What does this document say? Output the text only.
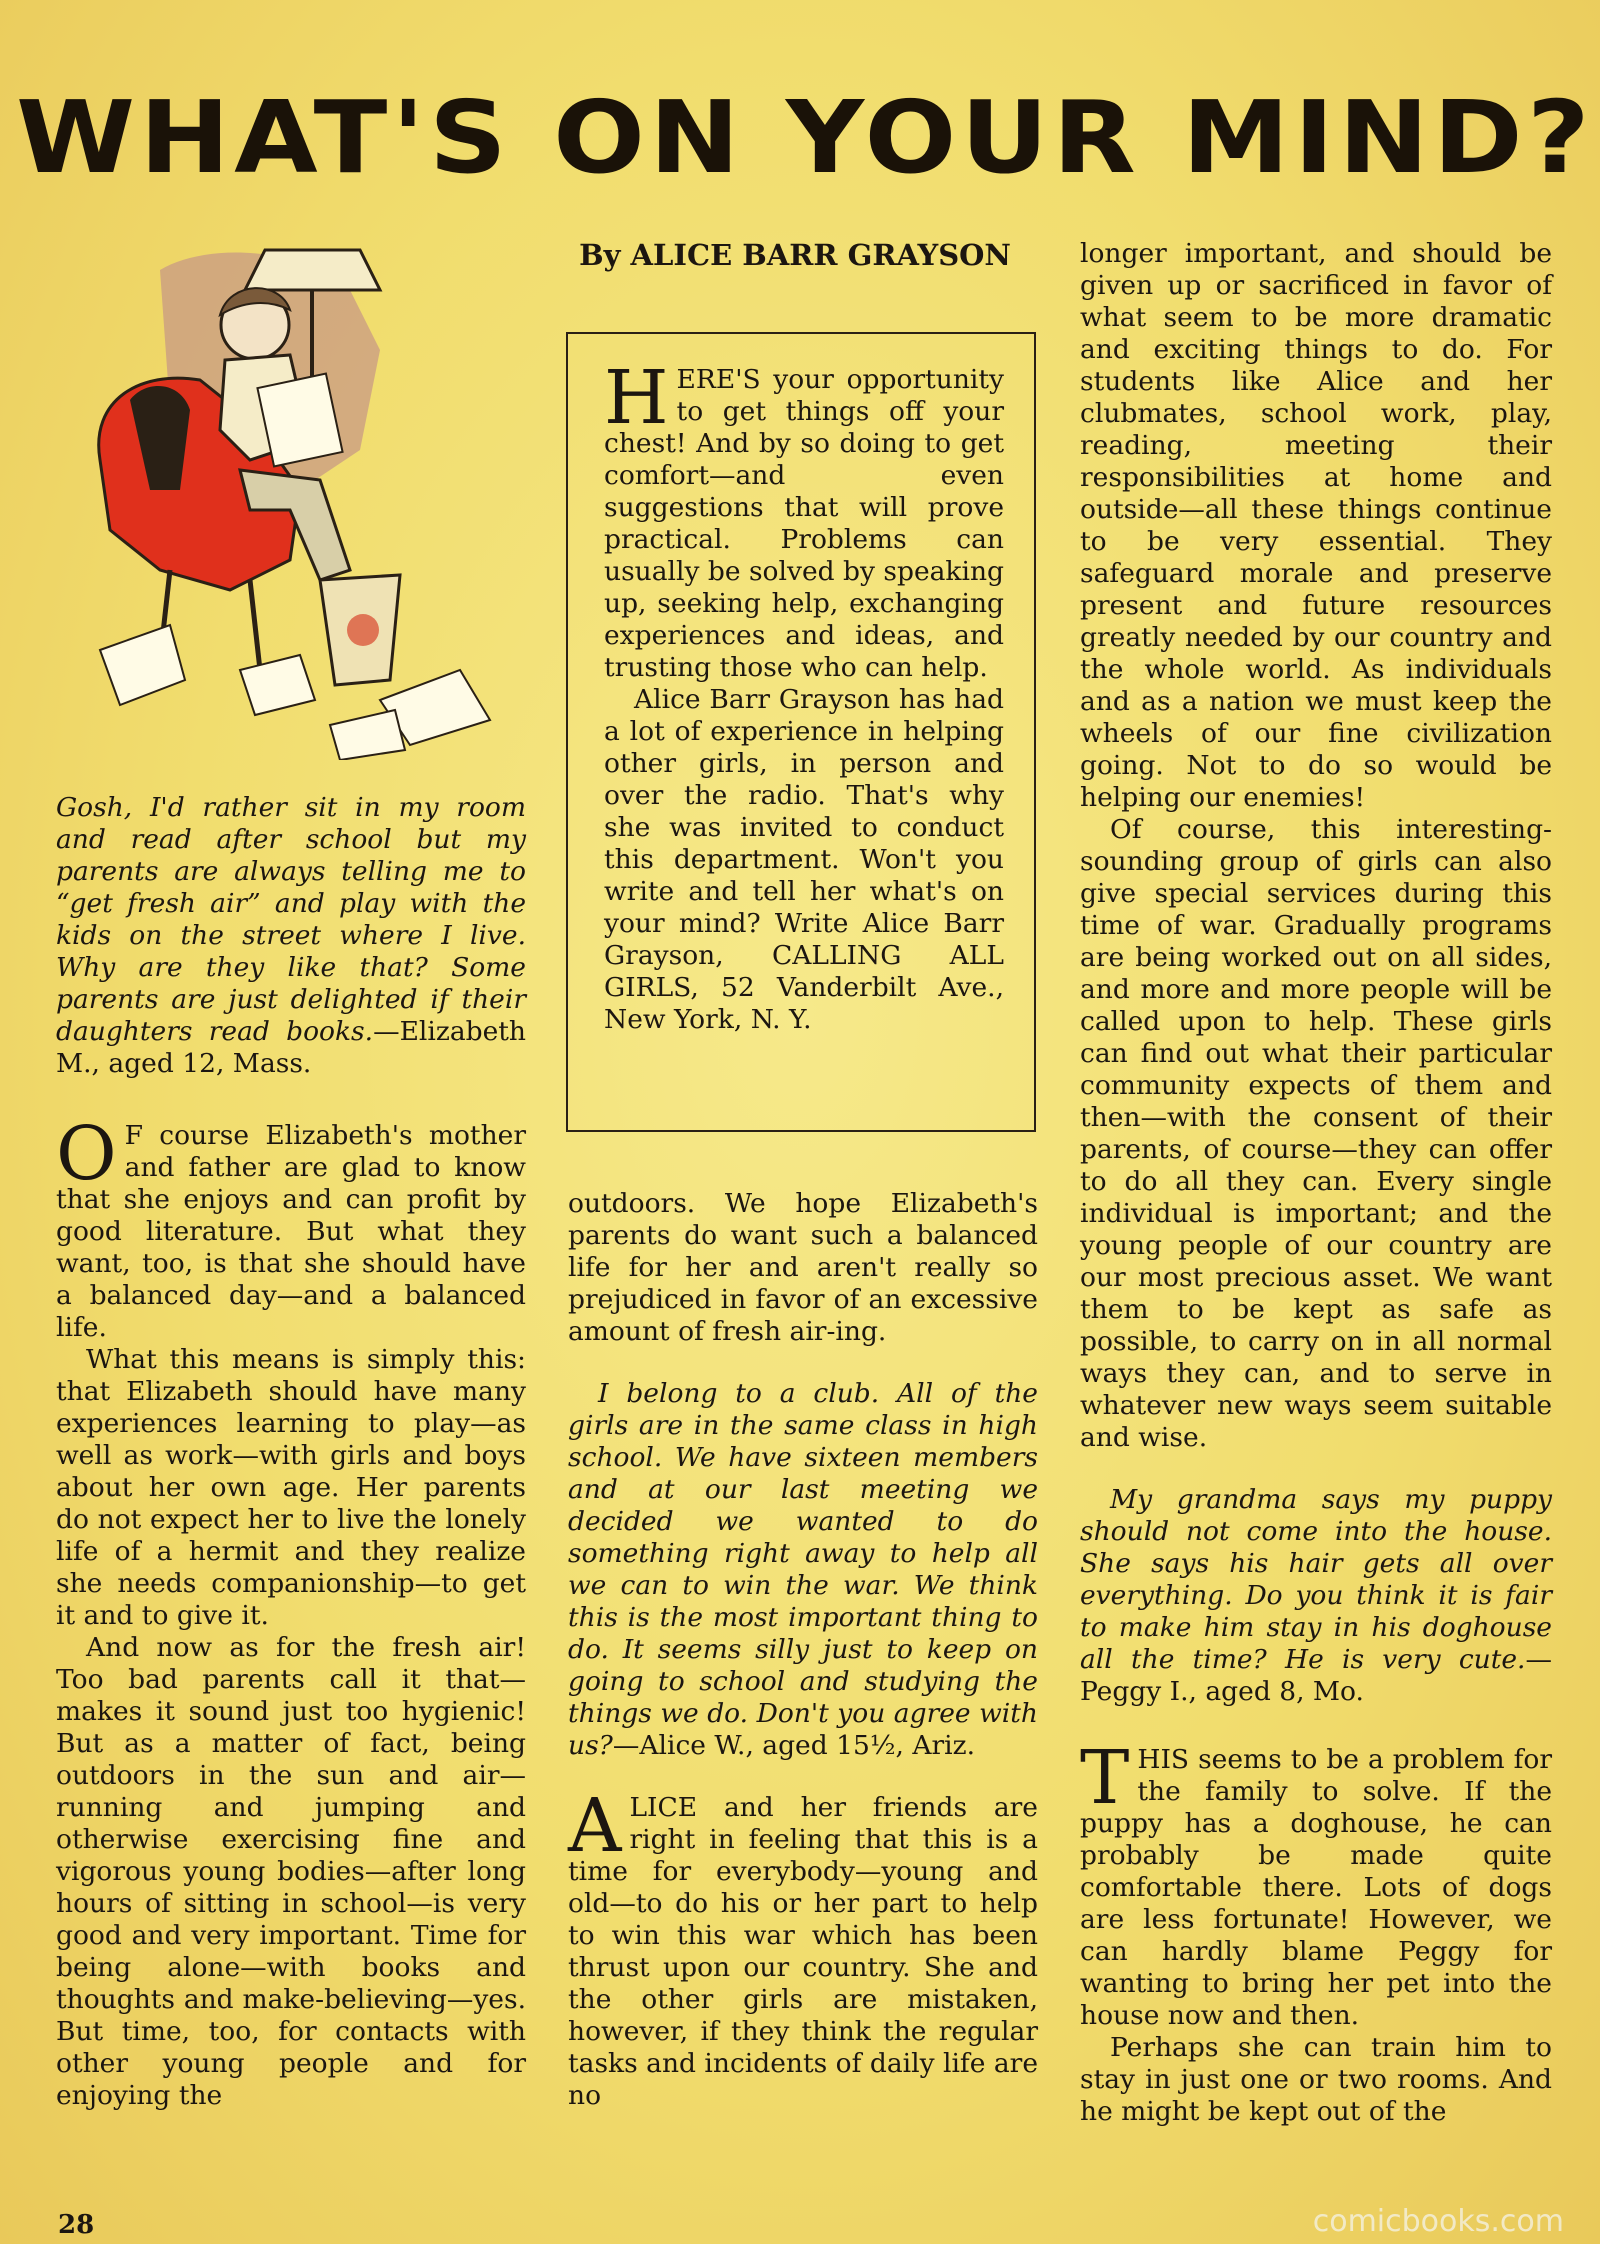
WHAT'S ON YOUR MIND?
By ALICE BARR GRAYSON

Gosh, I'd rather sit in my room and read after school but my parents are always telling me to “get fresh air” and play with the kids on the street where I live. Why are they like that? Some parents are just delighted if their daughters read books.—Elizabeth M., aged 12, Mass.

O F course Elizabeth's mother and father are glad to know that she enjoys and can profit by good literature. But what they want, too, is that she should have a balanced day—and a balanced life.

What this means is simply this: that Elizabeth should have many experiences learning to play—as well as work—with girls and boys about her own age. Her parents do not expect her to live the lonely life of a hermit and they realize she needs companionship—to get it and to give it.

And now as for the fresh air! Too bad parents call it that—makes it sound just too hygienic! But as a matter of fact, being outdoors in the sun and air—running and jumping and otherwise exercising fine and vigorous young bodies—after long hours of sitting in school—is very good and very important. Time for being alone—with books and thoughts and make-believing—yes. But time, too, for contacts with other young people and for enjoying the

HERE'S your opportunity to get things off your chest! And by so doing to get comfort—and even suggestions that will prove practical. Problems can usually be solved by speaking up, seeking help, exchanging experiences and ideas, and trusting those who can help.

Alice Barr Grayson has had a lot of experience in helping other girls, in person and over the radio. That's why she was invited to conduct this department. Won't you write and tell her what's on your mind? Write Alice Barr Grayson, CALLING ALL GIRLS, 52 Vanderbilt Ave., New York, N. Y.

outdoors. We hope Elizabeth's parents do want such a balanced life for her and aren't really so prejudiced in favor of an excessive amount of fresh air-ing.

I belong to a club. All of the girls are in the same class in high school. We have sixteen members and at our last meeting we decided we wanted to do something right away to help all we can to win the war. We think this is the most important thing to do. It seems silly just to keep on going to school and studying the things we do. Don't you agree with us?—Alice W., aged 15½, Ariz.

ALICE and her friends are right in feeling that this is a time for everybody—young and old—to do his or her part to help to win this war which has been thrust upon our country. She and the other girls are mistaken, however, if they think the regular tasks and incidents of daily life are no

longer important, and should be given up or sacrificed in favor of what seem to be more dramatic and exciting things to do. For students like Alice and her clubmates, school work, play, reading, meeting their responsibilities at home and outside—all these things continue to be very essential. They safeguard morale and preserve present and future resources greatly needed by our country and the whole world. As individuals and as a nation we must keep the wheels of our fine civilization going. Not to do so would be helping our enemies!

Of course, this interesting-sounding group of girls can also give special services during this time of war. Gradually programs are being worked out on all sides, and more and more people will be called upon to help. These girls can find out what their particular community expects of them and then—with the consent of their parents, of course—they can offer to do all they can. Every single individual is important; and the young people of our country are our most precious asset. We want them to be kept as safe as possible, to carry on in all normal ways they can, and to serve in whatever new ways seem suitable and wise.

My grandma says my puppy should not come into the house. She says his hair gets all over everything. Do you think it is fair to make him stay in his doghouse all the time? He is very cute.—Peggy I., aged 8, Mo.

THIS seems to be a problem for the family to solve. If the puppy has a doghouse, he can probably be made quite comfortable there. Lots of dogs are less fortunate! However, we can hardly blame Peggy for wanting to bring her pet into the house now and then.

Perhaps she can train him to stay in just one or two rooms. And he might be kept out of the

28	comicbooks.com
